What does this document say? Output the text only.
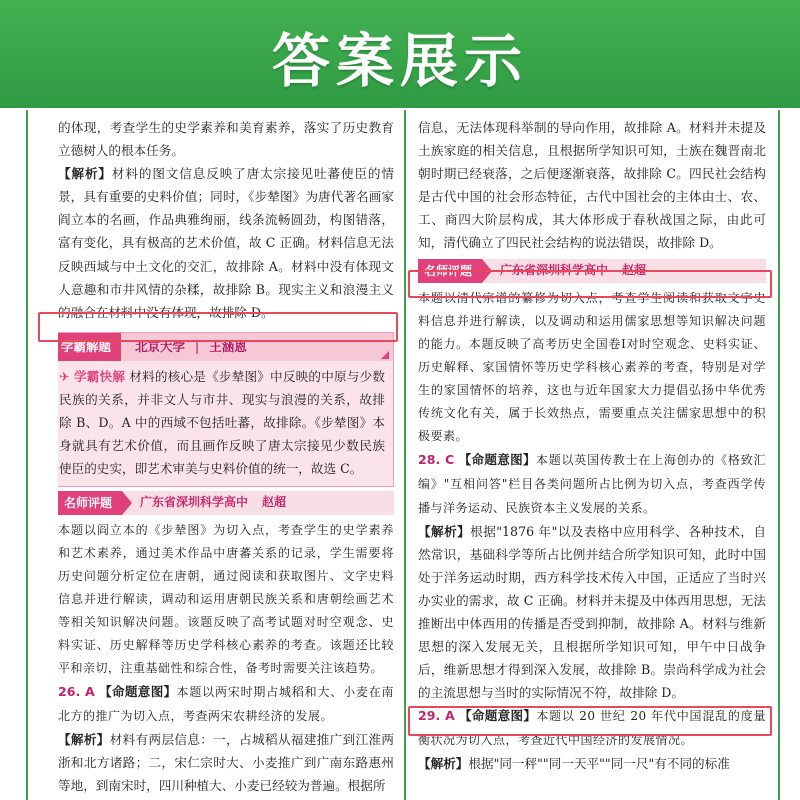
答案展示

的体现，考查学生的史学素养和美育素养，落实了历史教育立德树人的根本任务。

【解析】材料的图文信息反映了唐太宗接见吐蕃使臣的情景，具有重要的史料价值；同时，《步辇图》为唐代著名画家阎立本的名画，作品典雅绚丽，线条流畅圆劲，构图错落，富有变化，具有极高的艺术价值，故 C 正确。材料信息无法反映西域与中土文化的交汇，故排除 A。材料中没有体现文人意趣和市井风情的杂糅，故排除 B。现实主义和浪漫主义的融合在材料中没有体现，故排除 D。

学霸解题	北京大学 | 王涵恩
✈ 学霸快解 材料的核心是《步辇图》中反映的中原与少数民族的关系，并非文人与市井、现实与浪漫的关系，故排除 B、D。A 中的西域不包括吐蕃，故排除。《步辇图》本身就具有艺术价值，而且画作反映了唐太宗接见少数民族使臣的史实，即艺术审美与史料价值的统一，故选 C。
名师评题	广东省深圳科学高中 赵超

本题以阎立本的《步辇图》为切入点，考查学生的史学素养和艺术素养，通过美术作品中唐蕃关系的记录，学生需要将历史问题分析定位在唐朝，通过阅读和获取图片、文字史料信息并进行解读，调动和运用唐朝民族关系和唐朝绘画艺术等相关知识解决问题。该题反映了高考试题对时空观念、史料实证、历史解释等历史学科核心素养的考查。该题还比较平和亲切，注重基础性和综合性，备考时需要关注该趋势。

26. A 【命题意图】本题以两宋时期占城稻和大、小麦在南北方的推广为切入点，考查两宋农耕经济的发展。

【解析】材料有两层信息：一，占城稻从福建推广到江淮两浙和北方诸路；二，宋仁宗时大、小麦推广到广南东路惠州等地，到南宋时，四川种植大、小麦已经较为普遍。根据所

信息，无法体现科举制的导向作用，故排除 A。材料并未提及土族家庭的相关信息，且根据所学知识可知，土族在魏晋南北朝时期已经衰落，之后便逐渐衰落，故排除 C。四民社会结构是古代中国的社会形态特征，古代中国社会的主体由士、农、工、商四大阶层构成，其大体形成于春秋战国之际，由此可知，清代确立了四民社会结构的说法错误，故排除 D。

名师评题	广东省深圳科学高中 赵超

本题以清代宗谱的纂修为切入点，考查学生阅读和获取文字史料信息并进行解读，以及调动和运用儒家思想等知识解决问题的能力。本题反映了高考历史全国卷Ⅰ对时空观念、史料实证、历史解释、家国情怀等历史学科核心素养的考查，特别是对学生的家国情怀的培养，这也与近年国家大力提倡弘扬中华优秀传统文化有关，属于长效热点，需要重点关注儒家思想中的积极要素。

28. C 【命题意图】本题以英国传教士在上海创办的《格致汇编》"互相问答"栏目各类问题所占比例为切入点，考查西学传播与洋务运动、民族资本主义发展的关系。

【解析】根据"1876 年"以及表格中应用科学、各种技术，自然常识，基础科学等所占比例并结合所学知识可知，此时中国处于洋务运动时期，西方科学技术传入中国，正适应了当时兴办实业的需求，故 C 正确。材料并未提及中体西用思想，无法推断出中体西用的传播是否受到抑制，故排除 A。材料与维新思想的深入发展无关，且根据所学知识可知，甲午中日战争后，维新思想才得到深入发展，故排除 B。崇尚科学成为社会的主流思想与当时的实际情况不符，故排除 D。

29. A 【命题意图】本题以 20 世纪 20 年代中国混乱的度量衡状况为切入点，考查近代中国经济的发展情况。

【解析】根据"同一秤""同一天平""同一尺"有不同的标准
